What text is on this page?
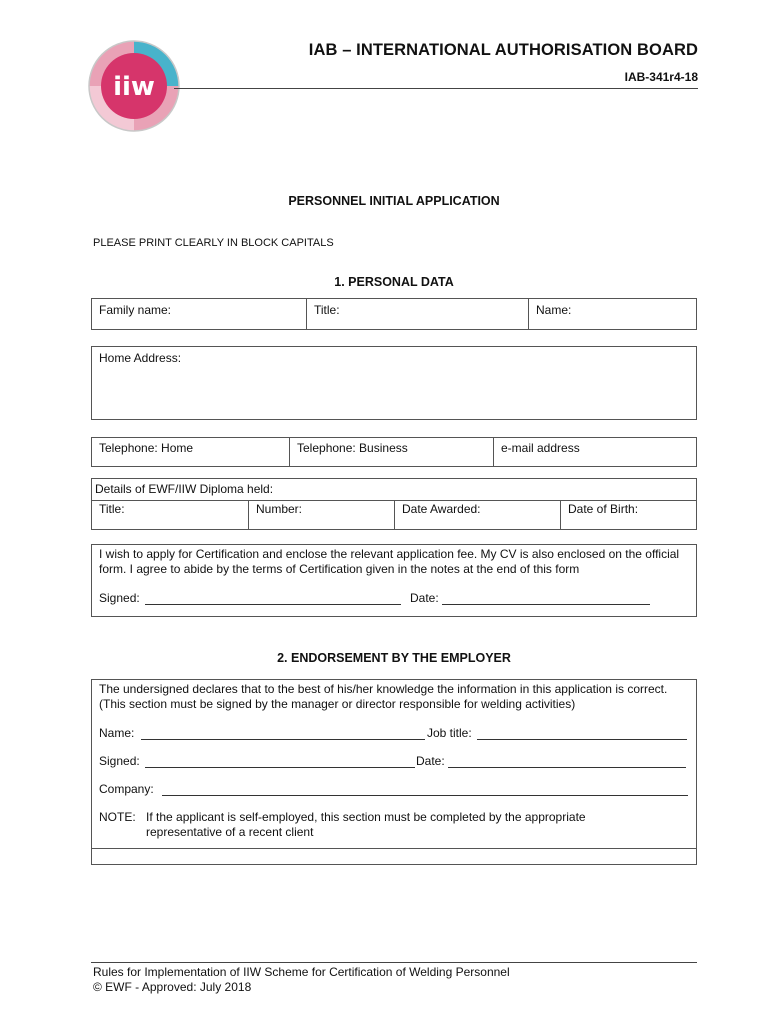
iiw
IAB – INTERNATIONAL AUTHORISATION BOARD
IAB-341r4-18
PERSONNEL INITIAL APPLICATION
PLEASE PRINT CLEARLY IN BLOCK CAPITALS
1. PERSONAL DATA
Family name:	Title:	Name:
Home Address:
Telephone: Home	Telephone: Business	e-mail address
Details of EWF/IIW Diploma held:
Title:	Number:	Date Awarded:	Date of Birth:
I wish to apply for Certification and enclose the relevant application fee. My CV is also enclosed on the official form. I agree to abide by the terms of Certification given in the notes at the end of this form
Signed:	Date:
2. ENDORSEMENT BY THE EMPLOYER
The undersigned declares that to the best of his/her knowledge the information in this application is correct. (This section must be signed by the manager or director responsible for welding activities)
Name:	Job title:
Signed:	Date:
Company:
NOTE: If the applicant is self-employed, this section must be completed by the appropriate representative of a recent client
Rules for Implementation of IIW Scheme for Certification of Welding Personnel
© EWF - Approved: July 2018
